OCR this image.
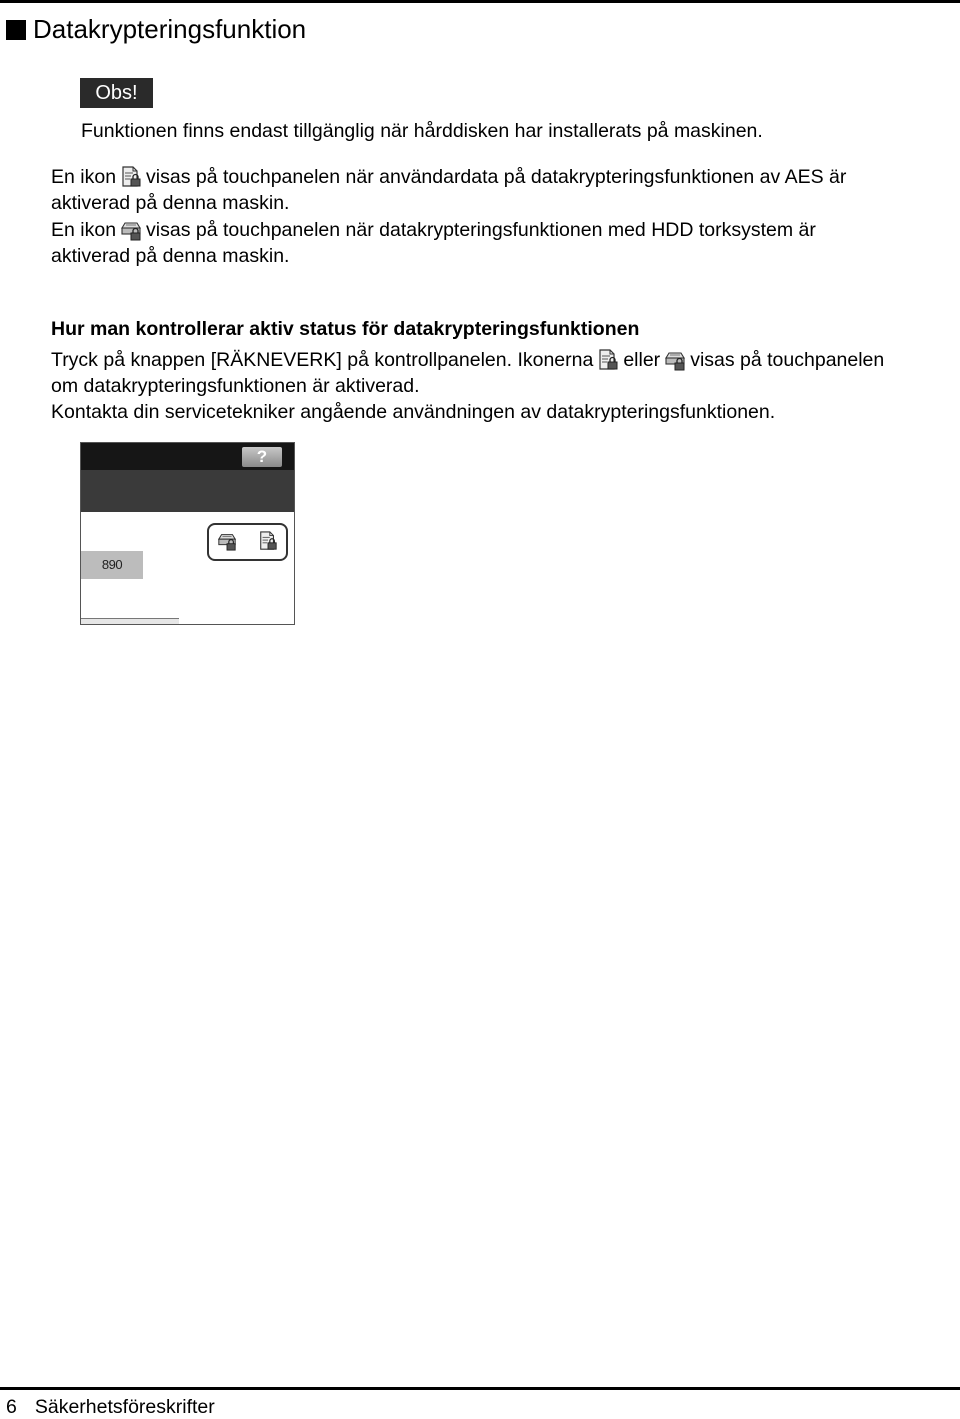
Datakrypteringsfunktion
Obs!

Funktionen finns endast tillgänglig när hårddisken har installerats på maskinen.

En ikon visas på touchpanelen när användardata på datakrypteringsfunktionen av AES är

aktiverad på denna maskin.

En ikon visas på touchpanelen när datakrypteringsfunktionen med HDD torksystem är

aktiverad på denna maskin.

Hur man kontrollerar aktiv status för datakrypteringsfunktionen

Tryck på knappen [RÄKNEVERK] på kontrollpanelen. Ikonerna eller visas på touchpanelen

om datakrypteringsfunktionen är aktiverad.

Kontakta din servicetekniker angående användningen av datakrypteringsfunktionen.

?
890

6 Säkerhetsföreskrifter
